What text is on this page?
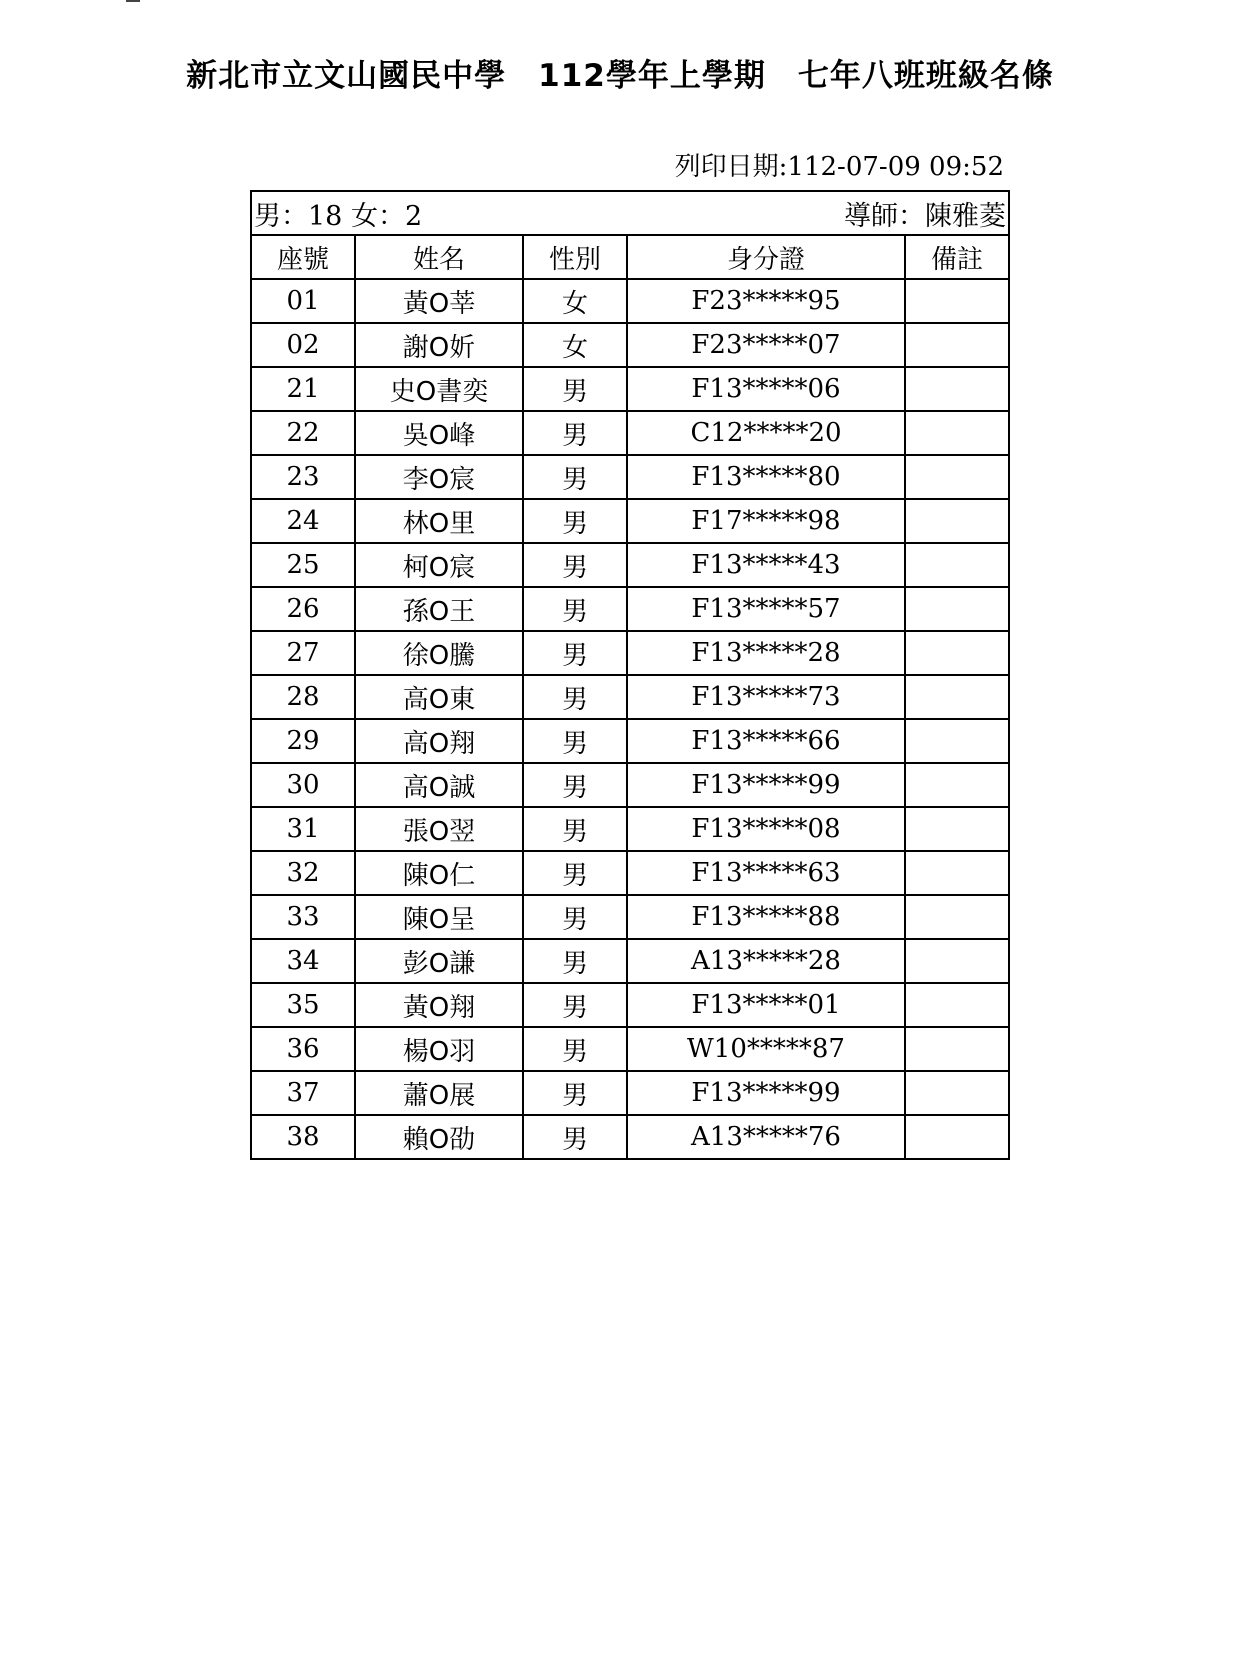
新北市立文山國民中學　112學年上學期　七年八班班級名條
列印日期:112-07-09 09:52
男：18 女：2 導師：陳雅菱				

座號	姓名	性別	身分證	備註
01	黃O莘	女	F23*****95	
02	謝O妡	女	F23*****07	
21	史O書奕	男	F13*****06	
22	吳O峰	男	C12*****20	
23	李O宸	男	F13*****80	
24	林O里	男	F17*****98	
25	柯O宸	男	F13*****43	
26	孫O王	男	F13*****57	
27	徐O騰	男	F13*****28	
28	高O東	男	F13*****73	
29	高O翔	男	F13*****66	
30	高O誠	男	F13*****99	
31	張O翌	男	F13*****08	
32	陳O仁	男	F13*****63	
33	陳O呈	男	F13*****88	
34	彭O謙	男	A13*****28	
35	黃O翔	男	F13*****01	
36	楊O羽	男	W10*****87	
37	蕭O展	男	F13*****99	
38	賴O劭	男	A13*****76	
